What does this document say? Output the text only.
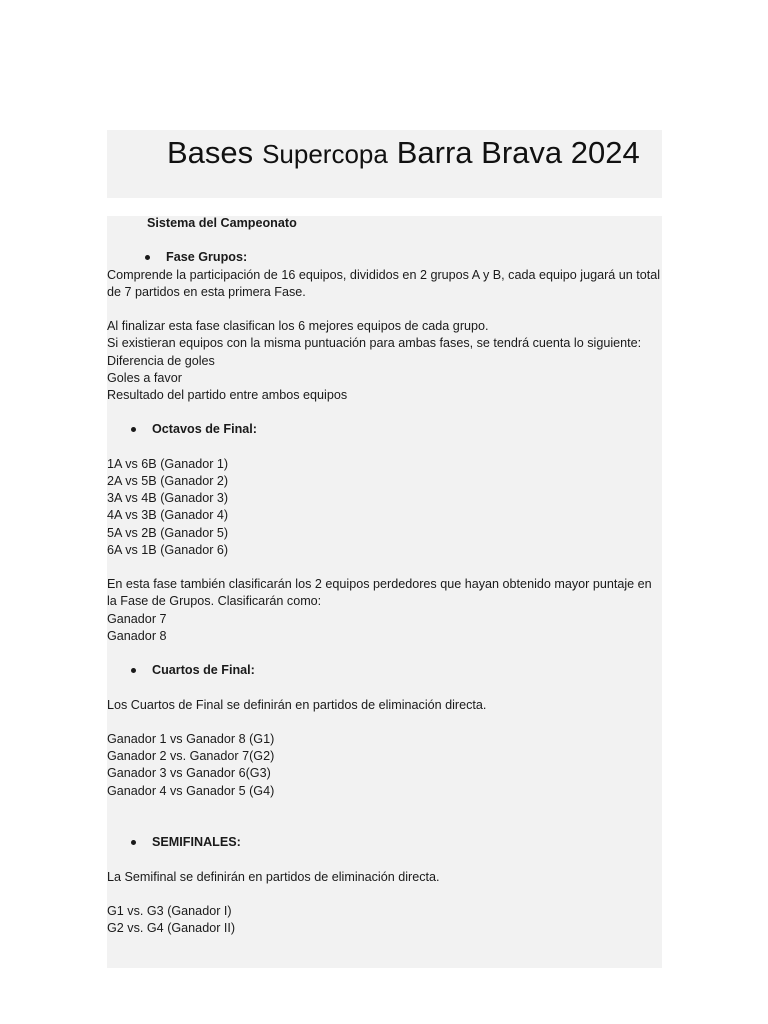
Bases Supercopa Barra Brava 2024
Sistema del Campeonato
Fase Grupos:
Comprende la participación de 16 equipos, divididos en 2 grupos A y B, cada equipo jugará un total
de 7 partidos en esta primera Fase.
Al finalizar esta fase clasifican los 6 mejores equipos de cada grupo.
Si existieran equipos con la misma puntuación para ambas fases, se tendrá cuenta lo siguiente:
Diferencia de goles
Goles a favor
Resultado del partido entre ambos equipos
Octavos de Final:
1A vs 6B (Ganador 1)
2A vs 5B (Ganador 2)
3A vs 4B (Ganador 3)
4A vs 3B (Ganador 4)
5A vs 2B (Ganador 5)
6A vs 1B (Ganador 6)
En esta fase también clasificarán los 2 equipos perdedores que hayan obtenido mayor puntaje en
la Fase de Grupos. Clasificarán como:
Ganador 7
Ganador 8
Cuartos de Final:
Los Cuartos de Final se definirán en partidos de eliminación directa.
Ganador 1 vs Ganador 8 (G1)
Ganador 2 vs. Ganador 7(G2)
Ganador 3 vs Ganador 6(G3)
Ganador 4 vs Ganador 5 (G4)
SEMIFINALES:
La Semifinal se definirán en partidos de eliminación directa.
G1 vs. G3 (Ganador I)
G2 vs. G4 (Ganador II)
